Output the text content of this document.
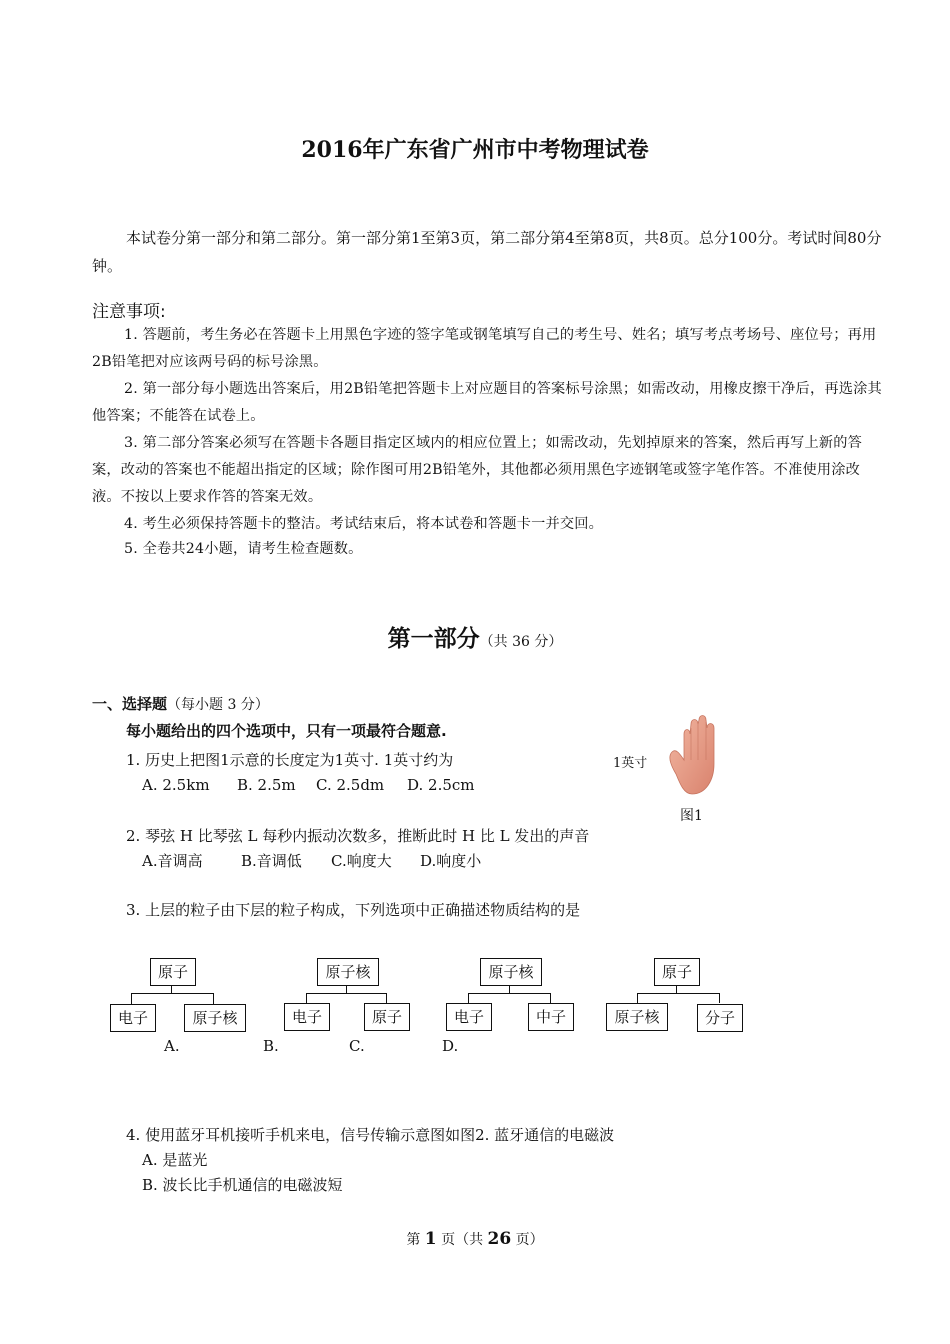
2016年广东省广州市中考物理试卷
本试卷分第一部分和第二部分。第一部分第1至第3页，第二部分第4至第8页，共8页。总分100分。考试时间80分钟。
注意事项:
1. 答题前，考生务必在答题卡上用黑色字迹的签字笔或钢笔填写自己的考生号、姓名；填写考点考场号、座位号；再用2B铅笔把对应该两号码的标号涂黑。
2. 第一部分每小题选出答案后，用2B铅笔把答题卡上对应题目的答案标号涂黑；如需改动，用橡皮擦干净后，再选涂其他答案；不能答在试卷上。
3. 第二部分答案必须写在答题卡各题目指定区域内的相应位置上；如需改动，先划掉原来的答案，然后再写上新的答案，改动的答案也不能超出指定的区域；除作图可用2B铅笔外，其他都必须用黑色字迹钢笔或签字笔作答。不准使用涂改液。不按以上要求作答的答案无效。
4. 考生必须保持答题卡的整洁。考试结束后，将本试卷和答题卡一并交回。
5. 全卷共24小题，请考生检查题数。
第一部分（共 36 分）
一、选择题（每小题 3 分）
每小题给出的四个选项中，只有一项最符合题意.
1. 历史上把图1示意的长度定为1英寸. 1英寸约为
A. 2.5km B. 2.5m C. 2.5dm D. 2.5cm
1英寸
图1
2. 琴弦 H 比琴弦 L 每秒内振动次数多，推断此时 H 比 L 发出的声音
A.音调高	B.音调低 C.响度大 D.响度小
3. 上层的粒子由下层的粒子构成，下列选项中正确描述物质结构的是
原子
电子	原子核
A.
原子核
电子	原子
B.
原子核
电子	中子
C.
原子
原子核	分子
D.
4. 使用蓝牙耳机接听手机来电，信号传输示意图如图2. 蓝牙通信的电磁波
A. 是蓝光
B. 波长比手机通信的电磁波短
第 1 页（共 26 页）
